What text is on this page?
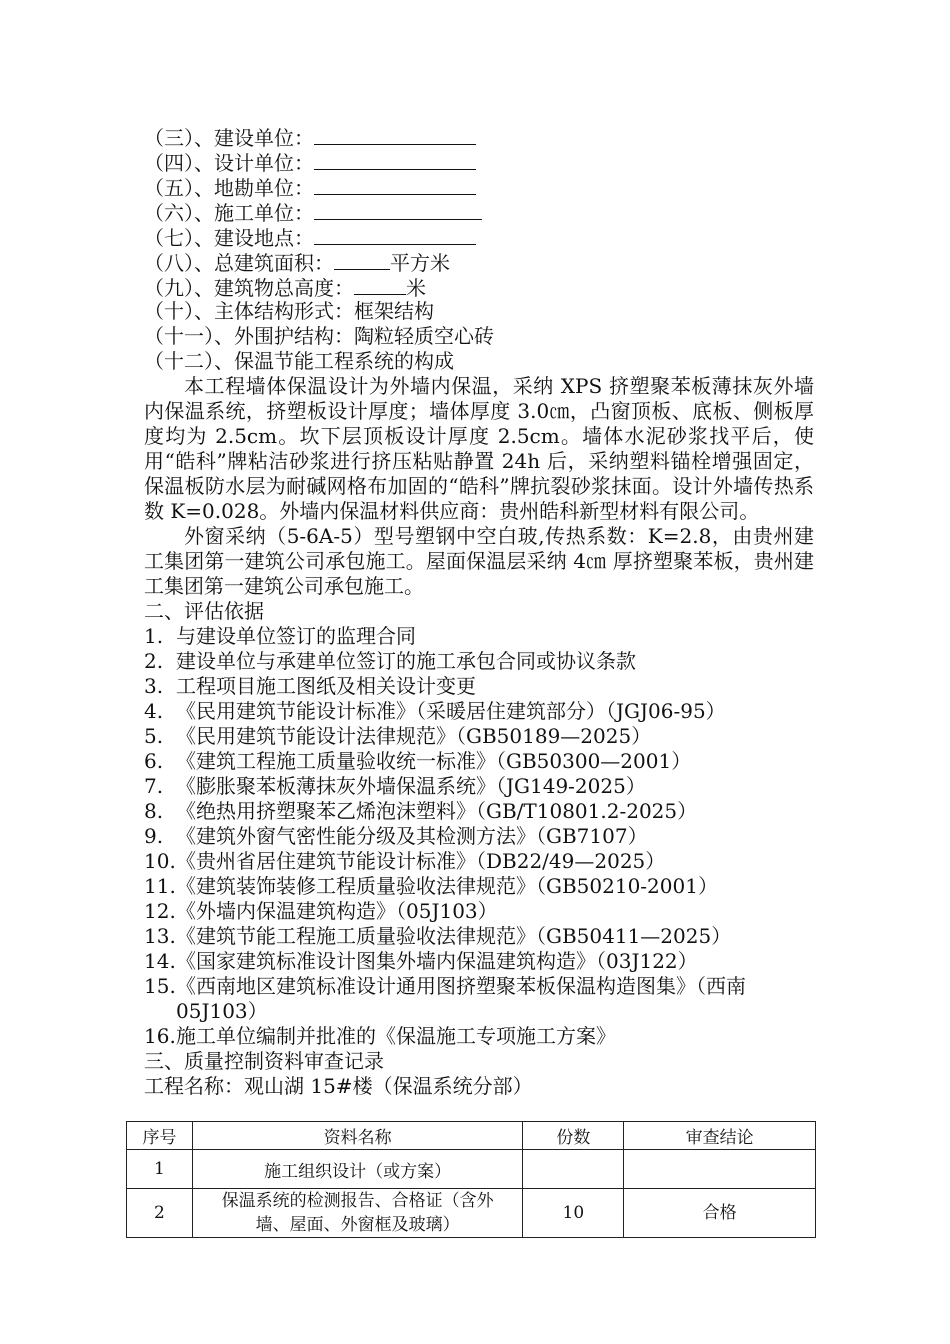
（三）、建设单位：
（四）、设计单位：
（五）、地勘单位：
（六）、施工单位：
（七）、建设地点：
（八）、总建筑面积：	平方米
（九）、建筑物总高度：	米
（十）、主体结构形式：框架结构
（十一）、外围护结构：陶粒轻质空心砖
（十二）、保温节能工程系统的构成
本工程墙体保温设计为外墙内保温，采纳 XPS 挤塑聚苯板薄抹灰外墙内保温系统，挤塑板设计厚度；墙体厚度 3.0㎝，凸窗顶板、底板、侧板厚度均为 2.5cm。坎下层顶板设计厚度 2.5cm。墙体水泥砂浆找平后，使用“皓科”牌粘洁砂浆进行挤压粘贴静置 24h 后，采纳塑料锚栓增强固定，保温板防水层为耐碱网格布加固的“皓科”牌抗裂砂浆抹面。设计外墙传热系数 K=0.028。外墙内保温材料供应商：贵州皓科新型材料有限公司。
外窗采纳（5-6A-5）型号塑钢中空白玻,传热系数：K=2.8，由贵州建工集团第一建筑公司承包施工。屋面保温层采纳 4㎝ 厚挤塑聚苯板，贵州建工集团第一建筑公司承包施工。
二、评估依据
1. 与建设单位签订的监理合同
2. 建设单位与承建单位签订的施工承包合同或协议条款
3. 工程项目施工图纸及相关设计变更
4. 《民用建筑节能设计标准》（采暖居住建筑部分）（JGJ06-95）
5. 《民用建筑节能设计法律规范》（GB50189—2025）
6. 《建筑工程施工质量验收统一标准》（GB50300—2001）
7. 《膨胀聚苯板薄抹灰外墙保温系统》（JG149-2025）
8. 《绝热用挤塑聚苯乙烯泡沫塑料》（GB/T10801.2-2025）
9. 《建筑外窗气密性能分级及其检测方法》（GB7107）
10. 《贵州省居住建筑节能设计标准》（DB22/49—2025）
11. 《建筑装饰装修工程质量验收法律规范》（GB50210-2001）
12. 《外墙内保温建筑构造》（05J103）
13. 《建筑节能工程施工质量验收法律规范》（GB50411—2025）
14. 《国家建筑标准设计图集外墙内保温建筑构造》（03J122）
15. 《西南地区建筑标准设计通用图挤塑聚苯板保温构造图集》（西南 05J103）
16. 施工单位编制并批准的《保温施工专项施工方案》
三、质量控制资料审查记录
工程名称：观山湖 15#楼（保温系统分部）
序号	资料名称	份数	审查结论
1	施工组织设计（或方案）		
2	保温系统的检测报告、合格证（含外墙、屋面、外窗框及玻璃）	10	合格
